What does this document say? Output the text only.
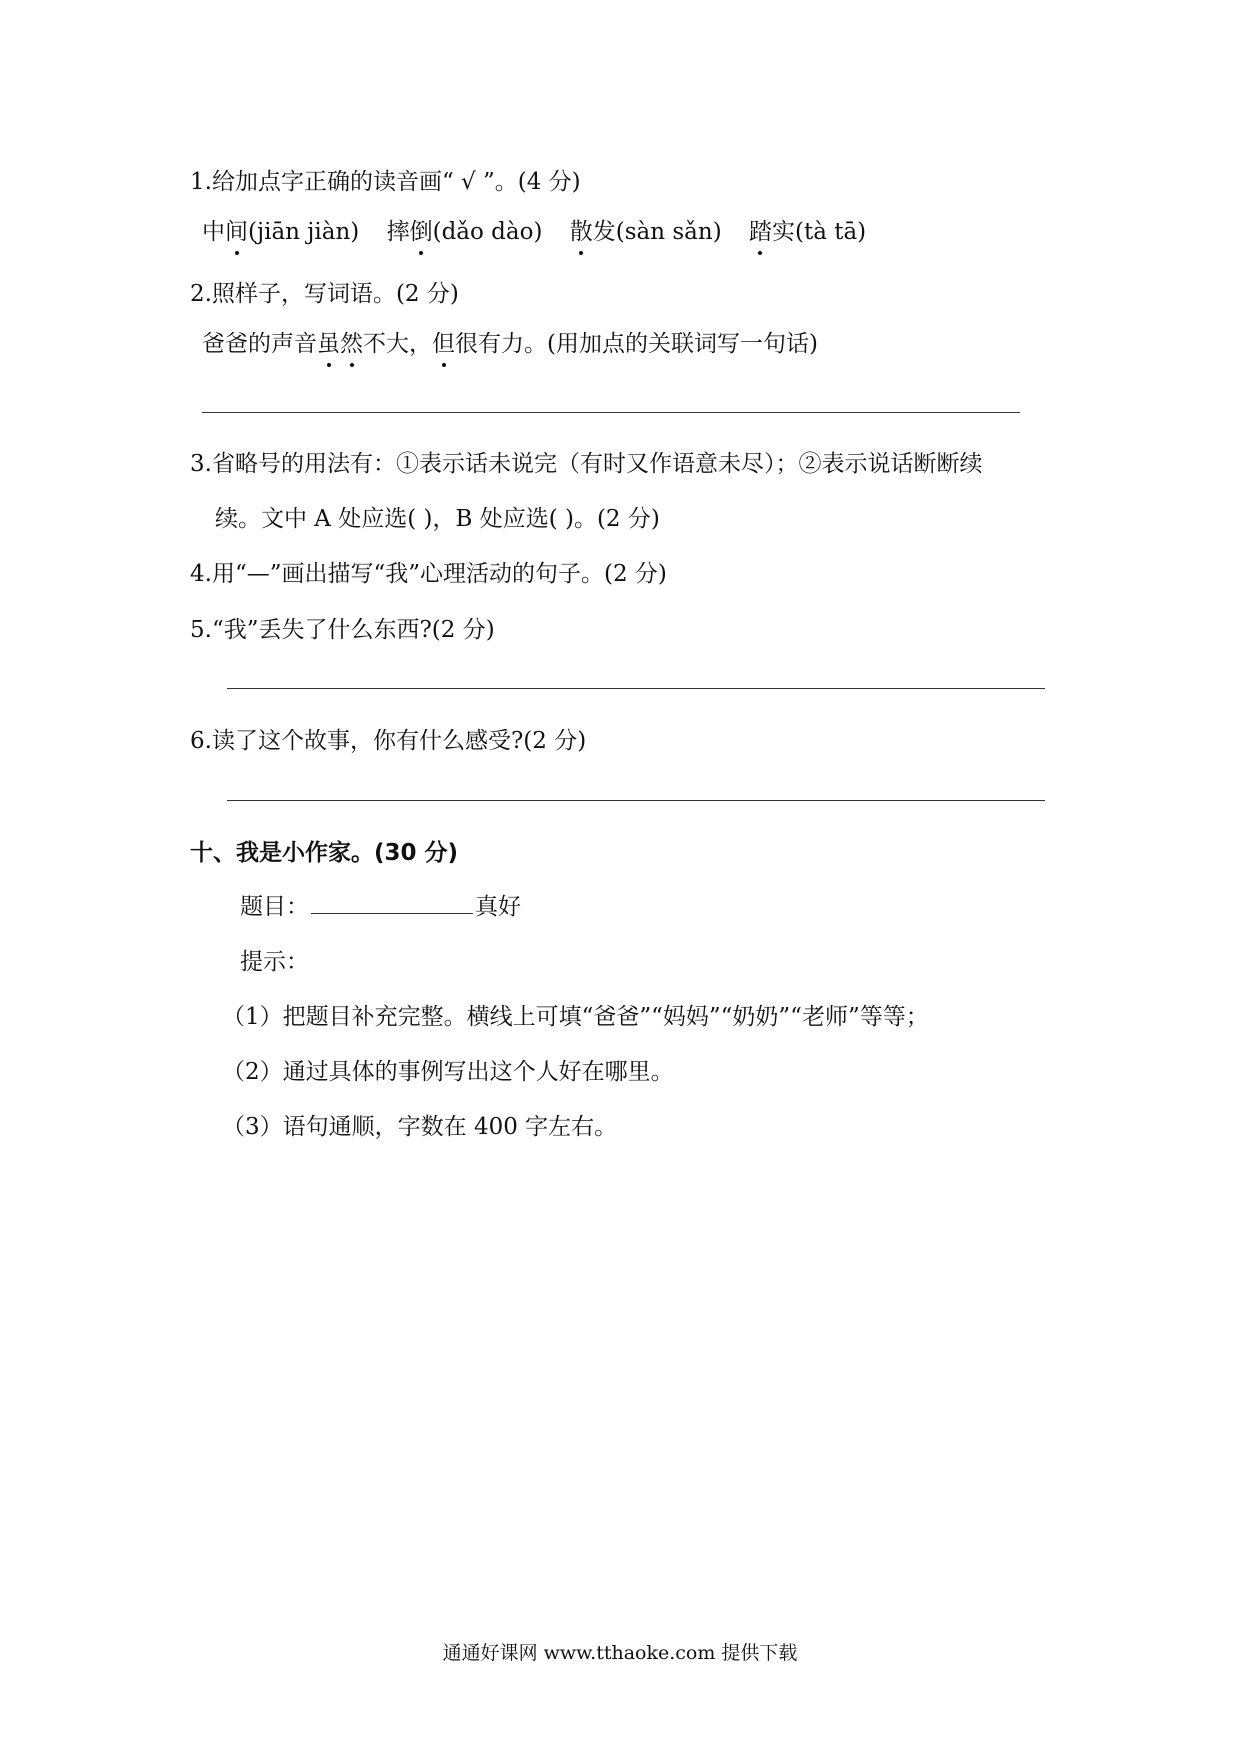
1.给加点字正确的读音画“ √ ”。(4 分)
中间(jiān jiàn) 摔倒(dǎo dào) 散发(sàn sǎn) 踏实(tà tā)
2.照样子，写词语。(2 分)
爸爸的声音虽然不大，但很有力。(用加点的关联词写一句话)
3.省略号的用法有：①表示话未说完（有时又作语意未尽）；②表示说话断断续
续。文中 A 处应选( )，B 处应选( )。(2 分)
4.用“—”画出描写“我”心理活动的句子。(2 分)
5.“我”丢失了什么东西?(2 分)
6.读了这个故事，你有什么感受?(2 分)
十、我是小作家。(30 分)
题目：	真好
提示：
（1）把题目补充完整。横线上可填“爸爸”“妈妈”“奶奶”“老师”等等；
（2）通过具体的事例写出这个人好在哪里。
（3）语句通顺，字数在 400 字左右。
通通好课网 www.tthaoke.com 提供下载
